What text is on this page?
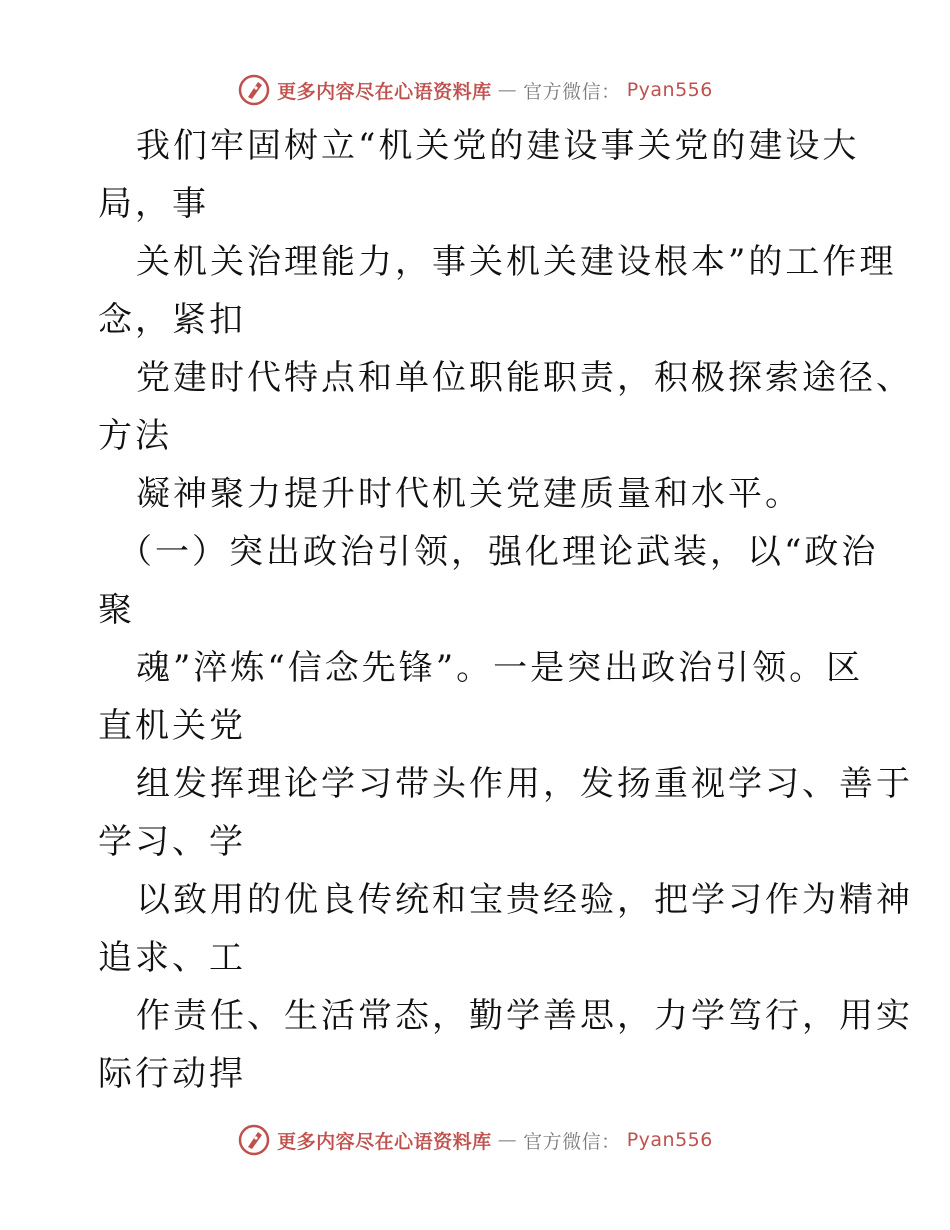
更多内容尽在心语资料库 — 官方微信： Pyan556
我们牢固树立“机关党的建设事关党的建设大
局，事
关机关治理能力，事关机关建设根本”的工作理
念，紧扣
党建时代特点和单位职能职责，积极探索途径、
方法
凝神聚力提升时代机关党建质量和水平。
（一）突出政治引领，强化理论武装，以“政治
聚
魂”淬炼“信念先锋”。一是突出政治引领。区
直机关党
组发挥理论学习带头作用，发扬重视学习、善于
学习、学
以致用的优良传统和宝贵经验，把学习作为精神
追求、工
作责任、生活常态，勤学善思，力学笃行，用实
际行动捍
更多内容尽在心语资料库 — 官方微信： Pyan556
